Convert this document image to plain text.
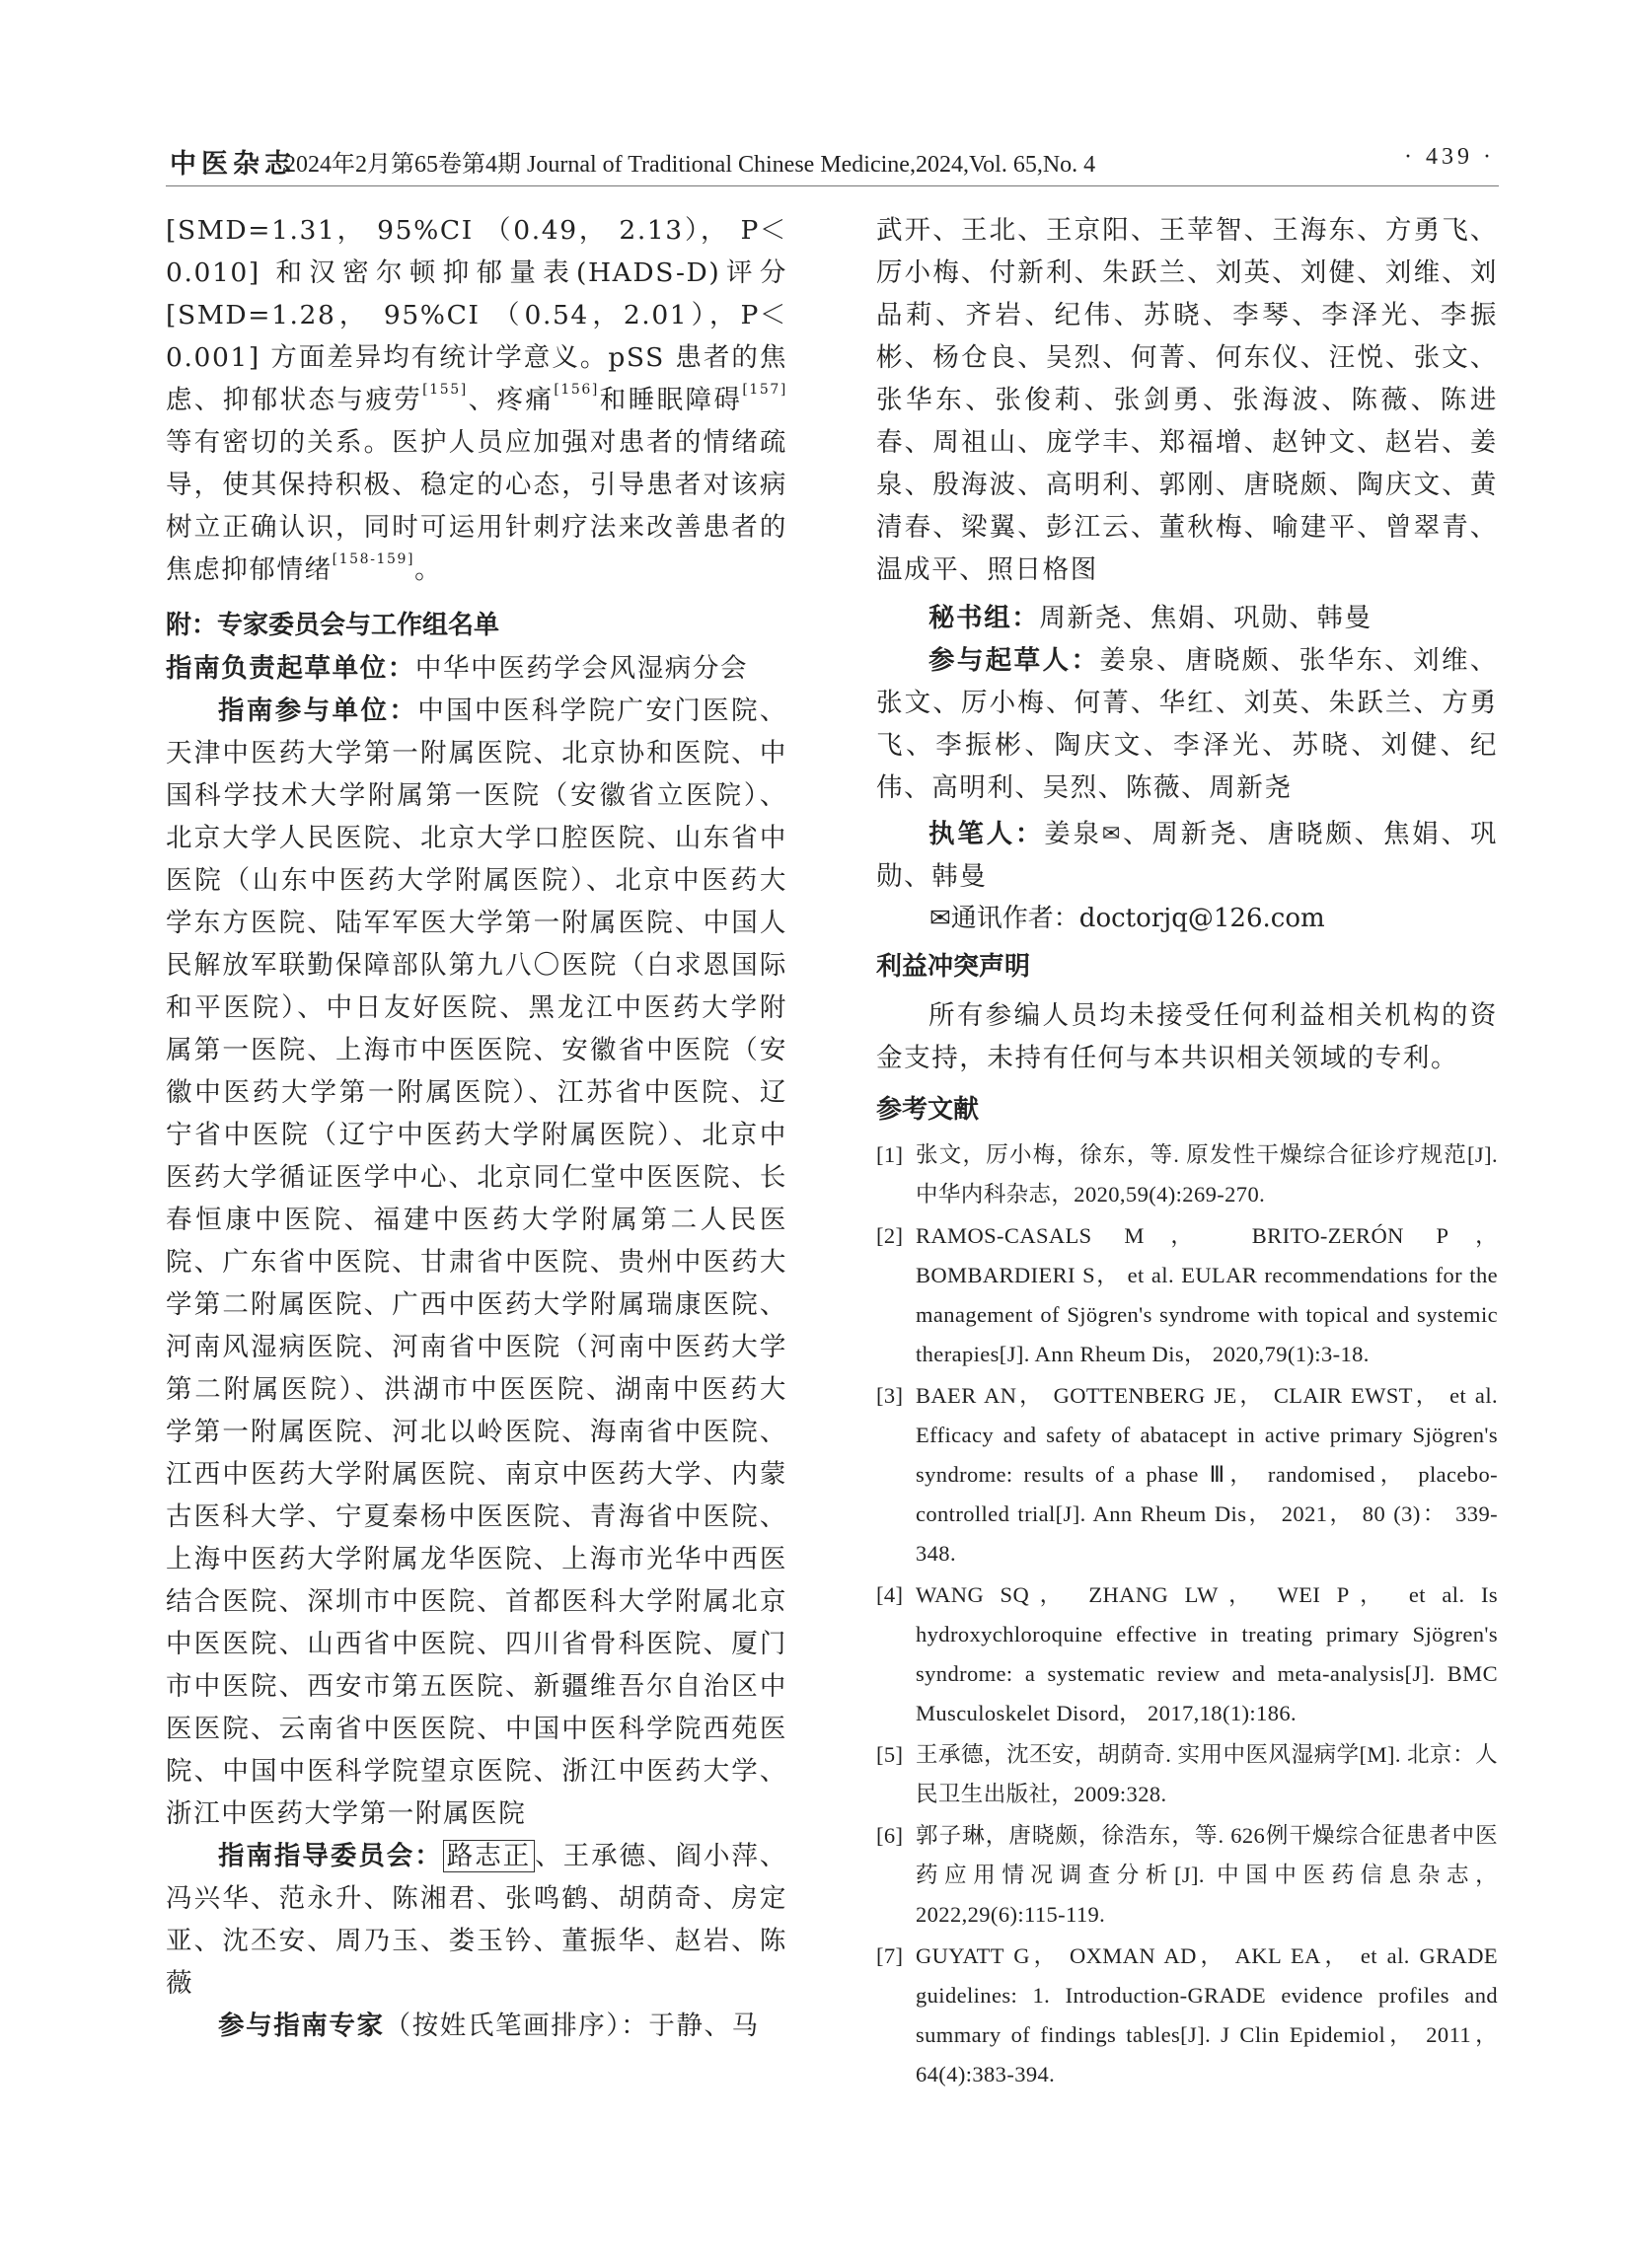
中医杂志
2024年2月第65卷第4期 Journal of Traditional Chinese Medicine,2024,Vol. 65,No. 4	· 439 ·

[SMD=1.31， 95%CI （0.49， 2.13）， P＜0.010] 和汉密尔顿抑郁量表(HADS-D)评分 [SMD=1.28， 95%CI （0.54，2.01），P＜0.001] 方面差异均有统计学意义。pSS 患者的焦虑、抑郁状态与疲劳[155]、疼痛[156]和睡眠障碍[157]等有密切的关系。医护人员应加强对患者的情绪疏导，使其保持积极、稳定的心态，引导患者对该病树立正确认识，同时可运用针刺疗法来改善患者的焦虑抑郁情绪[158-159]。

附：专家委员会与工作组名单

指南负责起草单位：中华中医药学会风湿病分会

指南参与单位：中国中医科学院广安门医院、天津中医药大学第一附属医院、北京协和医院、中国科学技术大学附属第一医院（安徽省立医院）、北京大学人民医院、北京大学口腔医院、山东省中医院（山东中医药大学附属医院）、北京中医药大学东方医院、陆军军医大学第一附属医院、中国人民解放军联勤保障部队第九八〇医院（白求恩国际和平医院）、中日友好医院、黑龙江中医药大学附属第一医院、上海市中医医院、安徽省中医院（安徽中医药大学第一附属医院）、江苏省中医院、辽宁省中医院（辽宁中医药大学附属医院）、北京中医药大学循证医学中心、北京同仁堂中医医院、长春恒康中医院、福建中医药大学附属第二人民医院、广东省中医院、甘肃省中医院、贵州中医药大学第二附属医院、广西中医药大学附属瑞康医院、河南风湿病医院、河南省中医院（河南中医药大学第二附属医院）、洪湖市中医医院、湖南中医药大学第一附属医院、河北以岭医院、海南省中医院、江西中医药大学附属医院、南京中医药大学、内蒙古医科大学、宁夏秦杨中医医院、青海省中医院、上海中医药大学附属龙华医院、上海市光华中西医结合医院、深圳市中医院、首都医科大学附属北京中医医院、山西省中医院、四川省骨科医院、厦门市中医院、西安市第五医院、新疆维吾尔自治区中医医院、云南省中医医院、中国中医科学院西苑医院、中国中医科学院望京医院、浙江中医药大学、浙江中医药大学第一附属医院

指南指导委员会： 路志正 、王承德、阎小萍、冯兴华、范永升、陈湘君、张鸣鹤、胡荫奇、房定亚、沈丕安、周乃玉、娄玉钤、董振华、赵岩、陈薇

参与指南专家（按姓氏笔画排序）：于静、马

武开、王北、王京阳、王苹智、王海东、方勇飞、厉小梅、付新利、朱跃兰、刘英、刘健、刘维、刘品莉、齐岩、纪伟、苏晓、李琴、李泽光、李振彬、杨仓良、吴烈、何菁、何东仪、汪悦、张文、张华东、张俊莉、张剑勇、张海波、陈薇、陈进春、周祖山、庞学丰、郑福增、赵钟文、赵岩、姜泉、殷海波、高明利、郭刚、唐晓颇、陶庆文、黄清春、梁翼、彭江云、董秋梅、喻建平、曾翠青、温成平、照日格图

秘书组：周新尧、焦娟、巩勋、韩曼

参与起草人：姜泉、唐晓颇、张华东、刘维、张文、厉小梅、何菁、华红、刘英、朱跃兰、方勇飞、李振彬、陶庆文、李泽光、苏晓、刘健、纪伟、高明利、吴烈、陈薇、周新尧

执笔人：姜泉✉、周新尧、唐晓颇、焦娟、巩勋、韩曼

✉通讯作者：doctorjq@126.com

利益冲突声明

所有参编人员均未接受任何利益相关机构的资金支持，未持有任何与本共识相关领域的专利。

参考文献

[1] 张文，厉小梅，徐东，等. 原发性干燥综合征诊疗规范[J]. 中华内科杂志，2020,59(4):269-270.

[2] RAMOS-CASALS M， BRITO-ZERÓN P， BOMBARDIERI S， et al. EULAR recommendations for the management of Sjögren's syndrome with topical and systemic therapies[J]. Ann Rheum Dis， 2020,79(1):3-18.

[3] BAER AN， GOTTENBERG JE， CLAIR EWST， et al. Efficacy and safety of abatacept in active primary Sjögren's syndrome: results of a phase Ⅲ， randomised， placebo-controlled trial[J]. Ann Rheum Dis， 2021， 80 (3)： 339-348.

[4] WANG SQ， ZHANG LW， WEI P， et al. Is hydroxychloroquine effective in treating primary Sjögren's syndrome: a systematic review and meta-analysis[J]. BMC Musculoskelet Disord， 2017,18(1):186.

[5] 王承德，沈丕安，胡荫奇. 实用中医风湿病学[M]. 北京：人民卫生出版社，2009:328.

[6] 郭子琳，唐晓颇，徐浩东，等. 626例干燥综合征患者中医药应用情况调查分析[J]. 中国中医药信息杂志，2022,29(6):115-119.

[7] GUYATT G， OXMAN AD， AKL EA， et al. GRADE guidelines: 1. Introduction-GRADE evidence profiles and summary of findings tables[J]. J Clin Epidemiol， 2011，64(4):383-394.
